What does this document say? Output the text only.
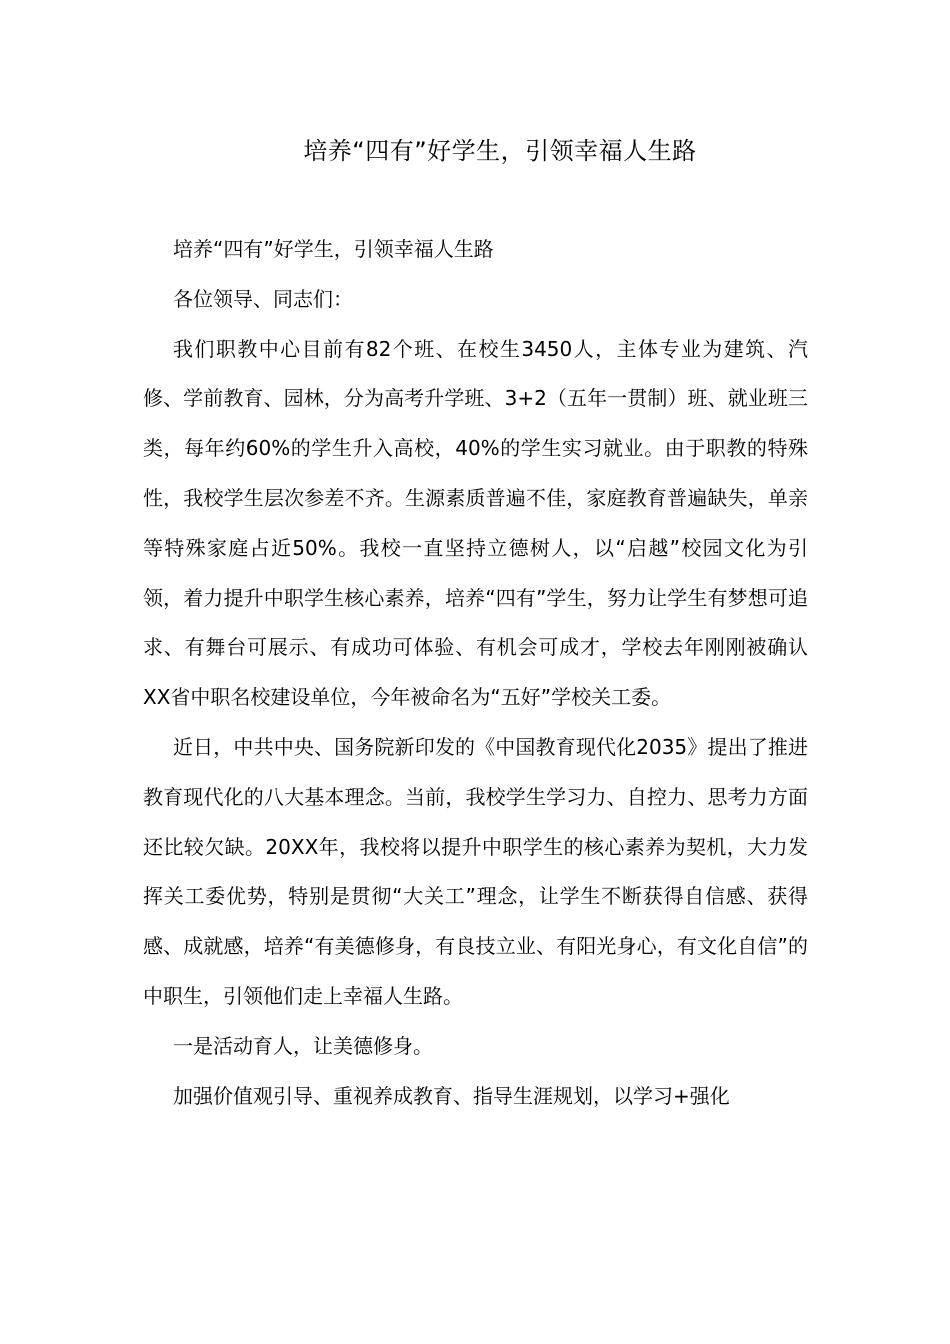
培养“四有”好学生，引领幸福人生路

培养“四有”好学生，引领幸福人生路

各位领导、同志们：

我们职教中心目前有82个班、在校生3450人，主体专业为建筑、汽修、学前教育、园林，分为高考升学班、3+2（五年一贯制）班、就业班三类，每年约60%的学生升入高校，40%的学生实习就业。由于职教的特殊性，我校学生层次参差不齐。生源素质普遍不佳，家庭教育普遍缺失，单亲等特殊家庭占近50%。我校一直坚持立德树人，以“启越”校园文化为引领，着力提升中职学生核心素养，培养“四有”学生，努力让学生有梦想可追求、有舞台可展示、有成功可体验、有机会可成才，学校去年刚刚被确认XX省中职名校建设单位，今年被命名为“五好”学校关工委。

近日，中共中央、国务院新印发的《中国教育现代化2035》提出了推进教育现代化的八大基本理念。当前，我校学生学习力、自控力、思考力方面还比较欠缺。20XX年，我校将以提升中职学生的核心素养为契机，大力发挥关工委优势，特别是贯彻“大关工”理念，让学生不断获得自信感、获得感、成就感，培养“有美德修身，有良技立业、有阳光身心，有文化自信”的中职生，引领他们走上幸福人生路。

一是活动育人，让美德修身。

加强价值观引导、重视养成教育、指导生涯规划，以学习+强化
